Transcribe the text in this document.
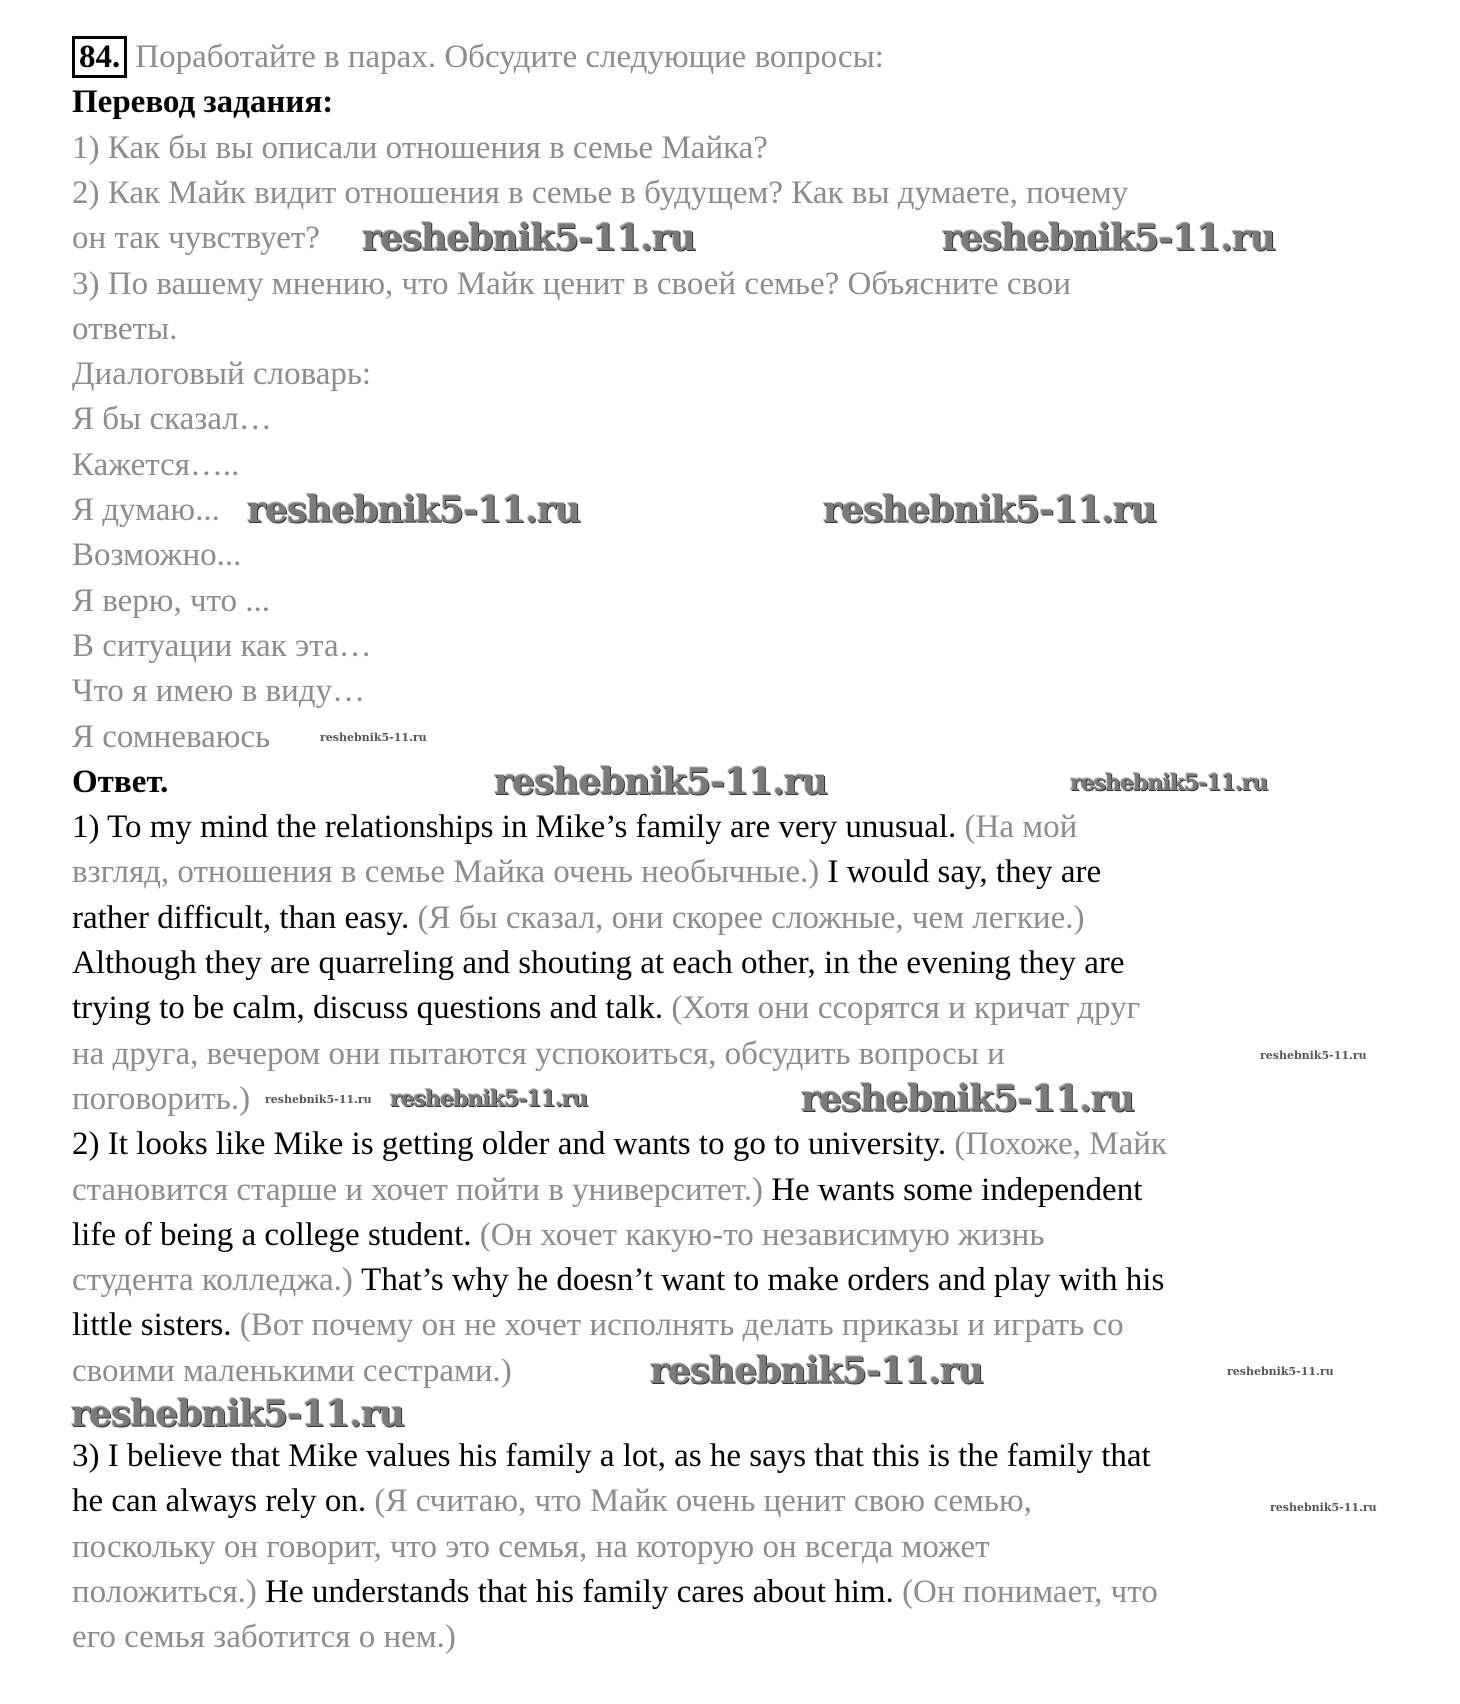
84. Поработайте в парах. Обсудите следующие вопросы:
Перевод задания:
1) Как бы вы описали отношения в семье Майка?
2) Как Майк видит отношения в семье в будущем? Как вы думаете, почему
он так чувствует?
3) По вашему мнению, что Майк ценит в своей семье? Объясните свои
ответы.
Диалоговый словарь:
Я бы сказал…
Кажется…..
Я думаю...
Возможно...
Я верю, что ...
В ситуации как эта…
Что я имею в виду…
Я сомневаюсь
Ответ.
1) To my mind the relationships in Mike’s family are very unusual. (На мой
взгляд, отношения в семье Майка очень необычные.) I would say, they are
rather difficult, than easy. (Я бы сказал, они скорее сложные, чем легкие.)
Although they are quarreling and shouting at each other, in the evening they are
trying to be calm, discuss questions and talk. (Хотя они ссорятся и кричат друг
на друга, вечером они пытаются успокоиться, обсудить вопросы и
поговорить.)
2) It looks like Mike is getting older and wants to go to university. (Похоже, Майк
становится старше и хочет пойти в университет.) He wants some independent
life of being a college student. (Он хочет какую-то независимую жизнь
студента колледжа.) That’s why he doesn’t want to make orders and play with his
little sisters. (Вот почему он не хочет исполнять делать приказы и играть со
своими маленькими сестрами.)
3) I believe that Mike values his family a lot, as he says that this is the family that
he can always rely on. (Я считаю, что Майк очень ценит свою семью,
поскольку он говорит, что это семья, на которую он всегда может
положиться.) He understands that his family cares about him. (Он понимает, что
его семья заботится о нем.)
reshebnik5-11.ru	reshebnik5-11.ru
reshebnik5-11.ru	reshebnik5-11.ru
reshebnik5-11.ru
reshebnik5-11.ru	reshebnik5-11.ru
reshebnik5-11.ru
reshebnik5-11.ru reshebnik5-11.ru	reshebnik5-11.ru
reshebnik5-11.ru	reshebnik5-11.ru
reshebnik5-11.ru
reshebnik5-11.ru
